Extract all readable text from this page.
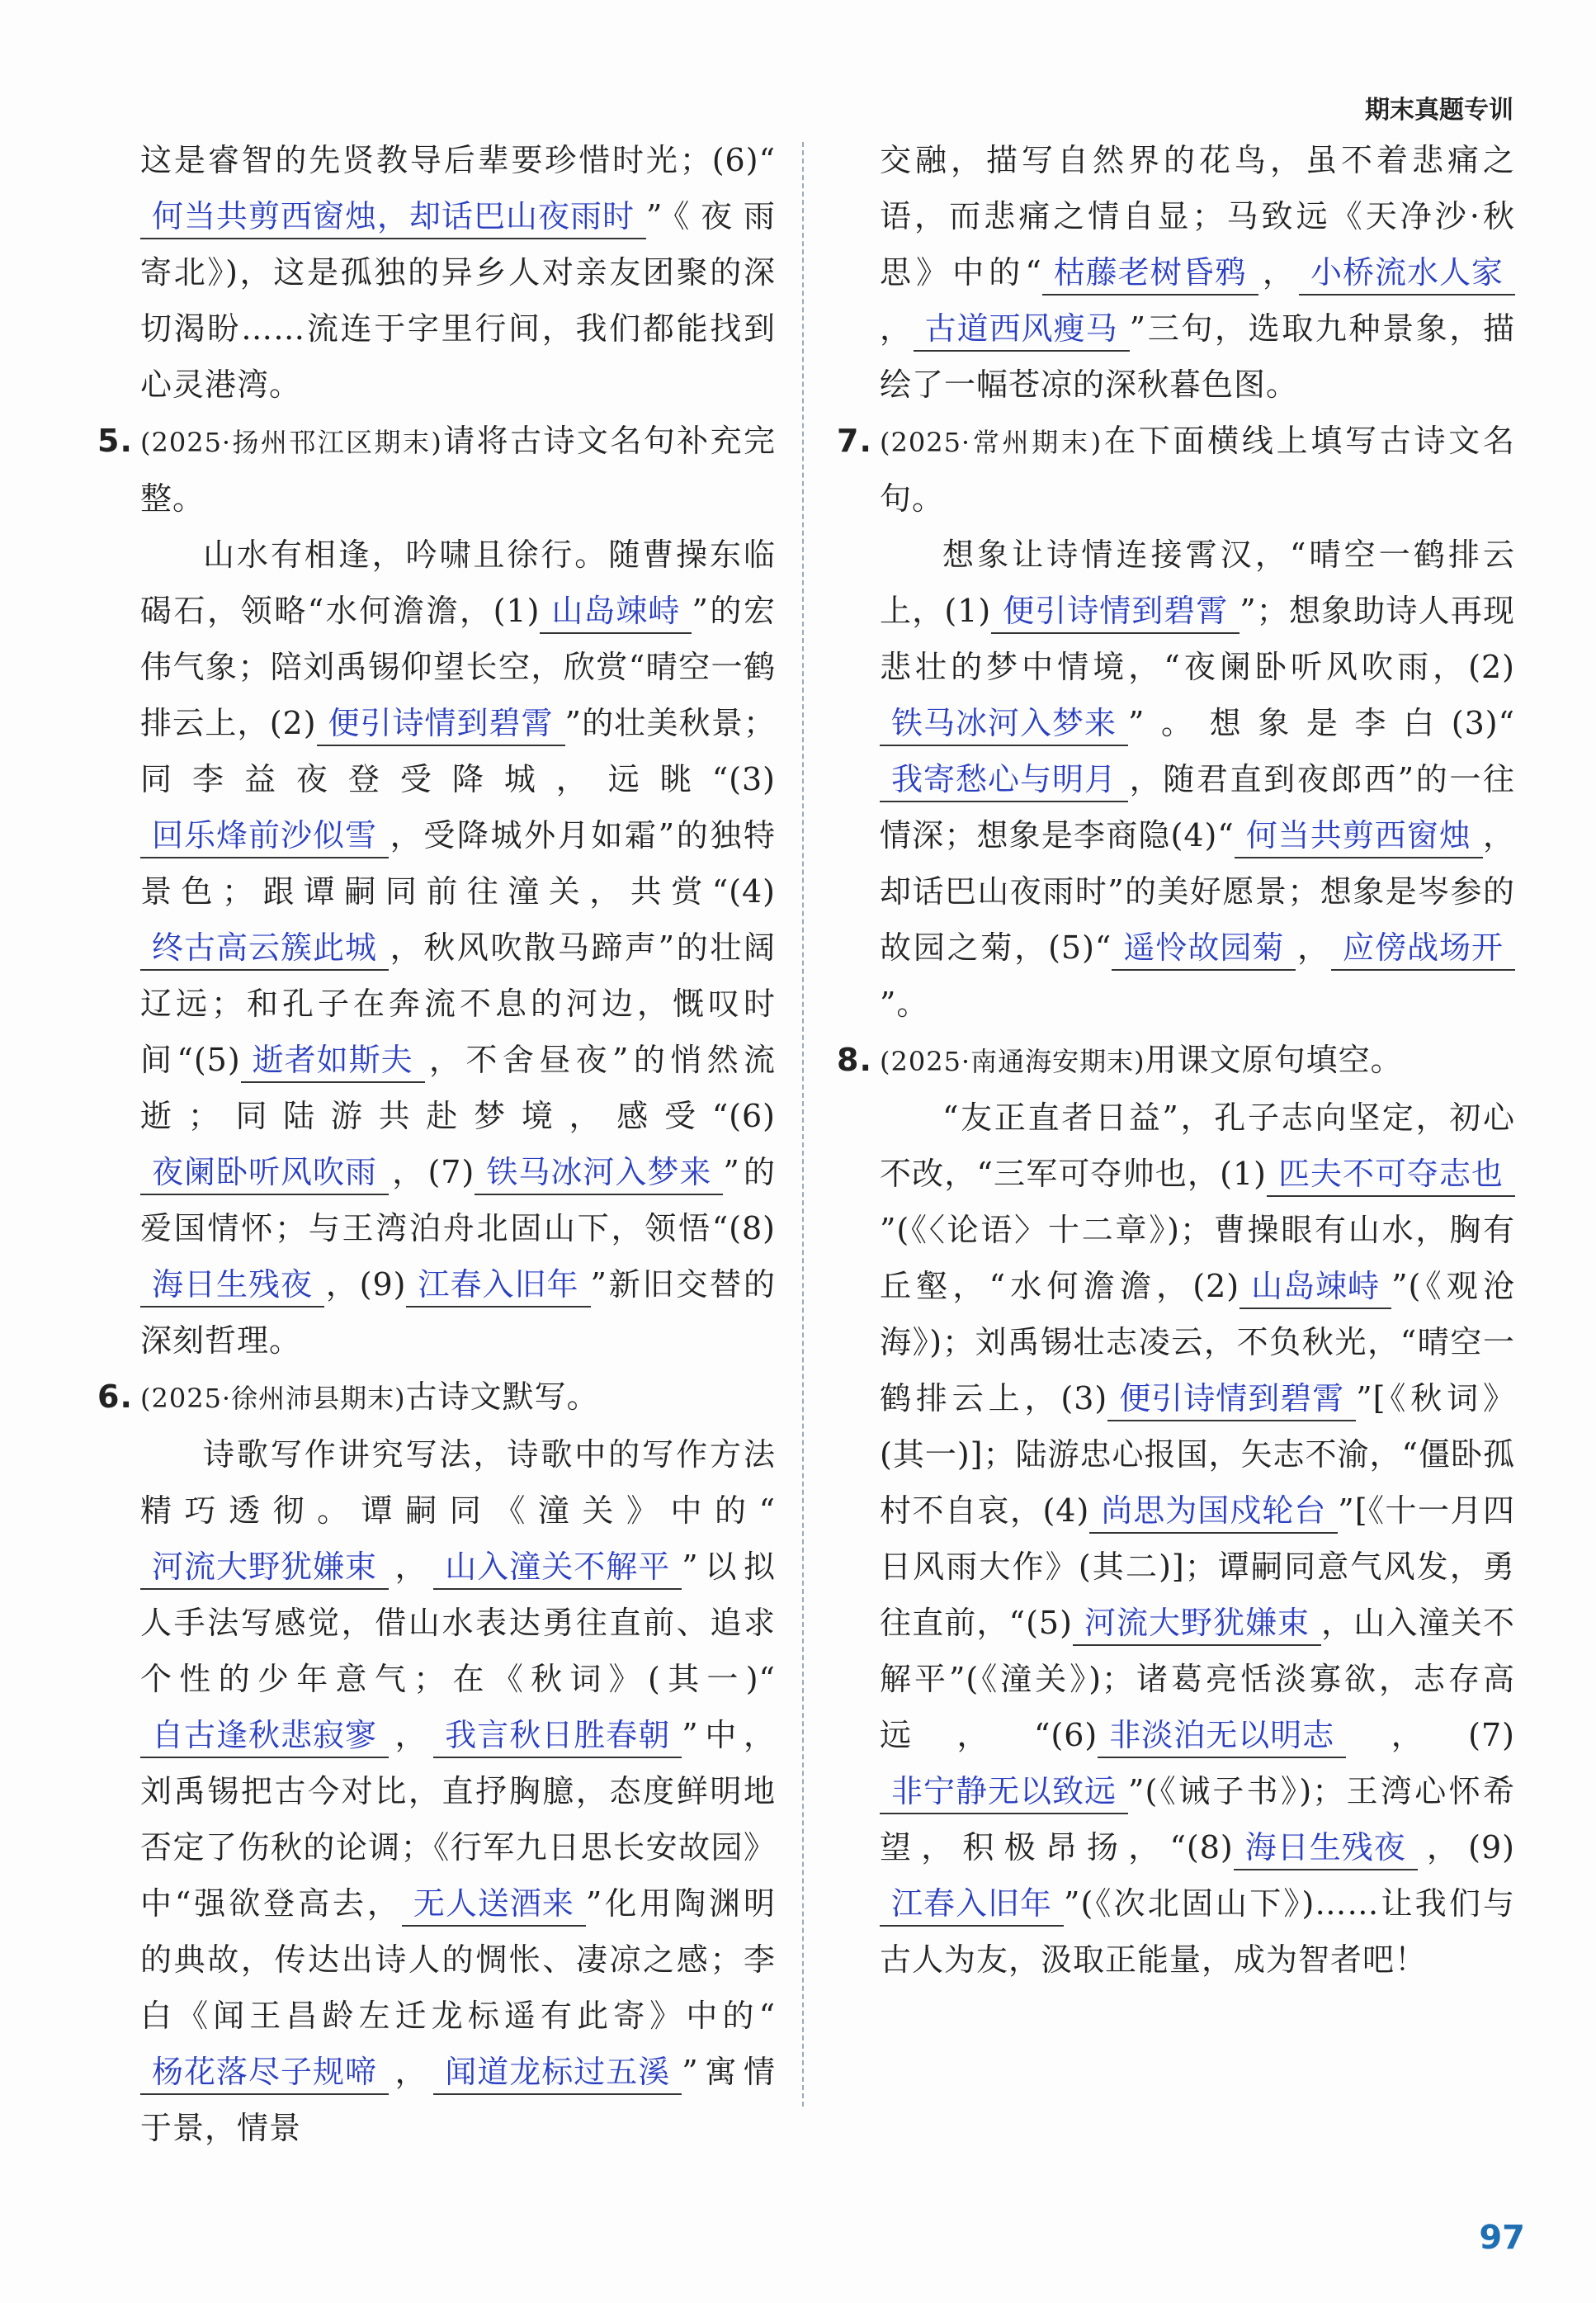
期末真题专训

这是睿智的先贤教导后辈要珍惜时光；(6)“何当共剪西窗烛，却话巴山夜雨时 ”《夜雨寄北》)，这是孤独的异乡人对亲友团聚的深切渴盼……流连于字里行间，我们都能找到心灵港湾。

5. (2025·扬州邗江区期末)请将古诗文名句补充完整。

山水有相逢，吟啸且徐行。随曹操东临碣石，领略“水何澹澹，(1) 山岛竦峙 ”的宏伟气象；陪刘禹锡仰望长空，欣赏“晴空一鹤排云上，(2) 便引诗情到碧霄 ”的壮美秋景；同李益夜登受降城，远眺“(3)回乐烽前沙似雪 ，受降城外月如霜”的独特景色；跟谭嗣同前往潼关，共赏“(4)终古高云簇此城 ，秋风吹散马蹄声”的壮阔辽远；和孔子在奔流不息的河边，慨叹时间“(5) 逝者如斯夫 ，不舍昼夜”的悄然流逝；同陆游共赴梦境，感受“(6)夜阑卧听风吹雨 ，(7) 铁马冰河入梦来 ”的爱国情怀；与王湾泊舟北固山下，领悟“(8)海日生残夜 ，(9) 江春入旧年 ”新旧交替的深刻哲理。

6. (2025·徐州沛县期末)古诗文默写。

诗歌写作讲究写法，诗歌中的写作方法精巧透彻。谭嗣同《潼关》中的“河流大野犹嫌束 ， 山入潼关不解平 ”以拟人手法写感觉，借山水表达勇往直前、追求个性的少年意气；在《秋词》(其一)“自古逢秋悲寂寥 ， 我言秋日胜春朝 ”中，刘禹锡把古今对比，直抒胸臆，态度鲜明地否定了伤秋的论调；《行军九日思长安故园》中“强欲登高去， 无人送酒来 ”化用陶渊明的典故，传达出诗人的惆怅、凄凉之感；李白《闻王昌龄左迁龙标遥有此寄》中的“杨花落尽子规啼 ， 闻道龙标过五溪 ”寓情于景，情景

交融，描写自然界的花鸟，虽不着悲痛之语，而悲痛之情自显；马致远《天净沙·秋思》中的“ 枯藤老树昏鸦 ， 小桥流水人家， 古道西风瘦马 ”三句，选取九种景象，描绘了一幅苍凉的深秋暮色图。

7. (2025·常州期末)在下面横线上填写古诗文名句。

想象让诗情连接霄汉，“晴空一鹤排云上，(1) 便引诗情到碧霄 ”；想象助诗人再现悲壮的梦中情境，“夜阑卧听风吹雨，(2)铁马冰河入梦来 ”。想象是李白(3)“我寄愁心与明月 ，随君直到夜郎西”的一往情深；想象是李商隐(4)“ 何当共剪西窗烛 ，却话巴山夜雨时”的美好愿景；想象是岑参的故园之菊，(5)“ 遥怜故园菊 ， 应傍战场开”。

8. (2025·南通海安期末)用课文原句填空。

“友正直者日益”，孔子志向坚定，初心不改，“三军可夺帅也，(1) 匹夫不可夺志也”(《〈论语〉十二章》)；曹操眼有山水，胸有丘壑，“水何澹澹，(2) 山岛竦峙 ”(《观沧海》)；刘禹锡壮志凌云，不负秋光，“晴空一鹤排云上，(3) 便引诗情到碧霄 ”[《秋词》(其一)]；陆游忠心报国，矢志不渝，“僵卧孤村不自哀，(4) 尚思为国戍轮台 ”[《十一月四日风雨大作》(其二)]；谭嗣同意气风发，勇往直前，“(5) 河流大野犹嫌束 ，山入潼关不解平”(《潼关》)；诸葛亮恬淡寡欲，志存高远，“(6) 非淡泊无以明志 ，(7)非宁静无以致远 ”(《诫子书》)；王湾心怀希望，积极昂扬，“(8) 海日生残夜 ，(9)江春入旧年 ”(《次北固山下》)……让我们与古人为友，汲取正能量，成为智者吧！

97
